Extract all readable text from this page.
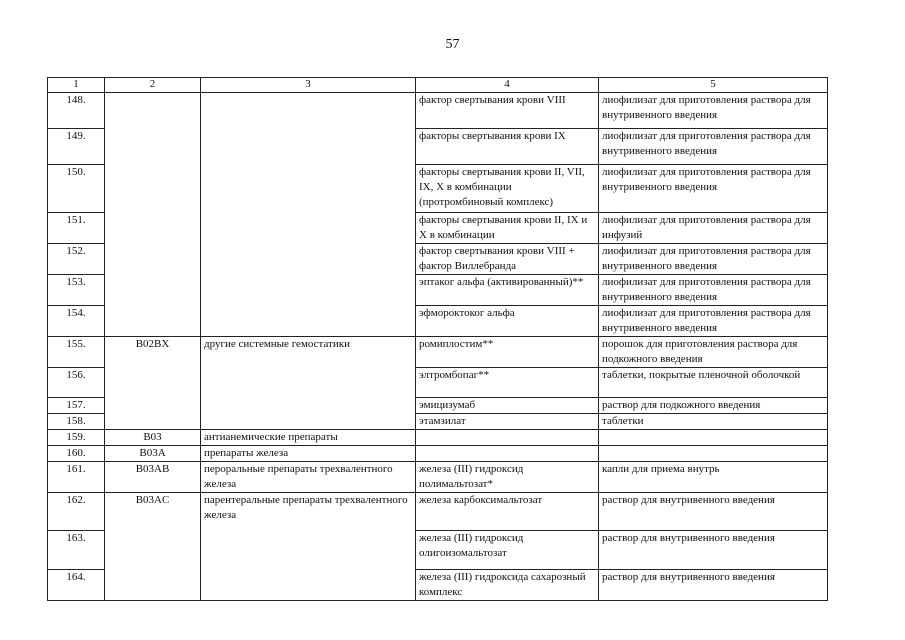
57
1	2	3	4	5
148.			фактор свертывания крови VIII	лиофилизат для приготовления раствора для внутривенного введения
149.			факторы свертывания крови IX	лиофилизат для приготовления раствора для внутривенного введения
150.			факторы свертывания крови II, VII, IX, X в комбинации (протромбиновый комплекс)	лиофилизат для приготовления раствора для внутривенного введения
151.			факторы свертывания крови II, IX и X в комбинации	лиофилизат для приготовления раствора для инфузий
152.			фактор свертывания крови VIII + фактор Виллебранда	лиофилизат для приготовления раствора для внутривенного введения
153.			эптаког альфа (активированный)**	лиофилизат для приготовления раствора для внутривенного введения
154.			эфмороктоког альфа	лиофилизат для приготовления раствора для внутривенного введения
155.	B02BX	другие системные гемостатики	ромиплостим**	порошок для приготовления раствора для подкожного введения
156.			элтромбопаг**	таблетки, покрытые пленочной оболочкой
157.			эмицизумаб	раствор для подкожного введения
158.			этамзилат	таблетки
159.	B03	антианемические препараты		
160.	B03A	препараты железа		
161.	B03AB	пероральные препараты трехвалентного железа	железа (III) гидроксид полимальтозат*	капли для приема внутрь
162.	B03AC	парентеральные препараты трехвалентного железа	железа карбоксимальтозат	раствор для внутривенного введения
163.			железа (III) гидроксид олигоизомальтозат	раствор для внутривенного введения
164.			железа (III) гидроксида сахарозный комплекс	раствор для внутривенного введения
